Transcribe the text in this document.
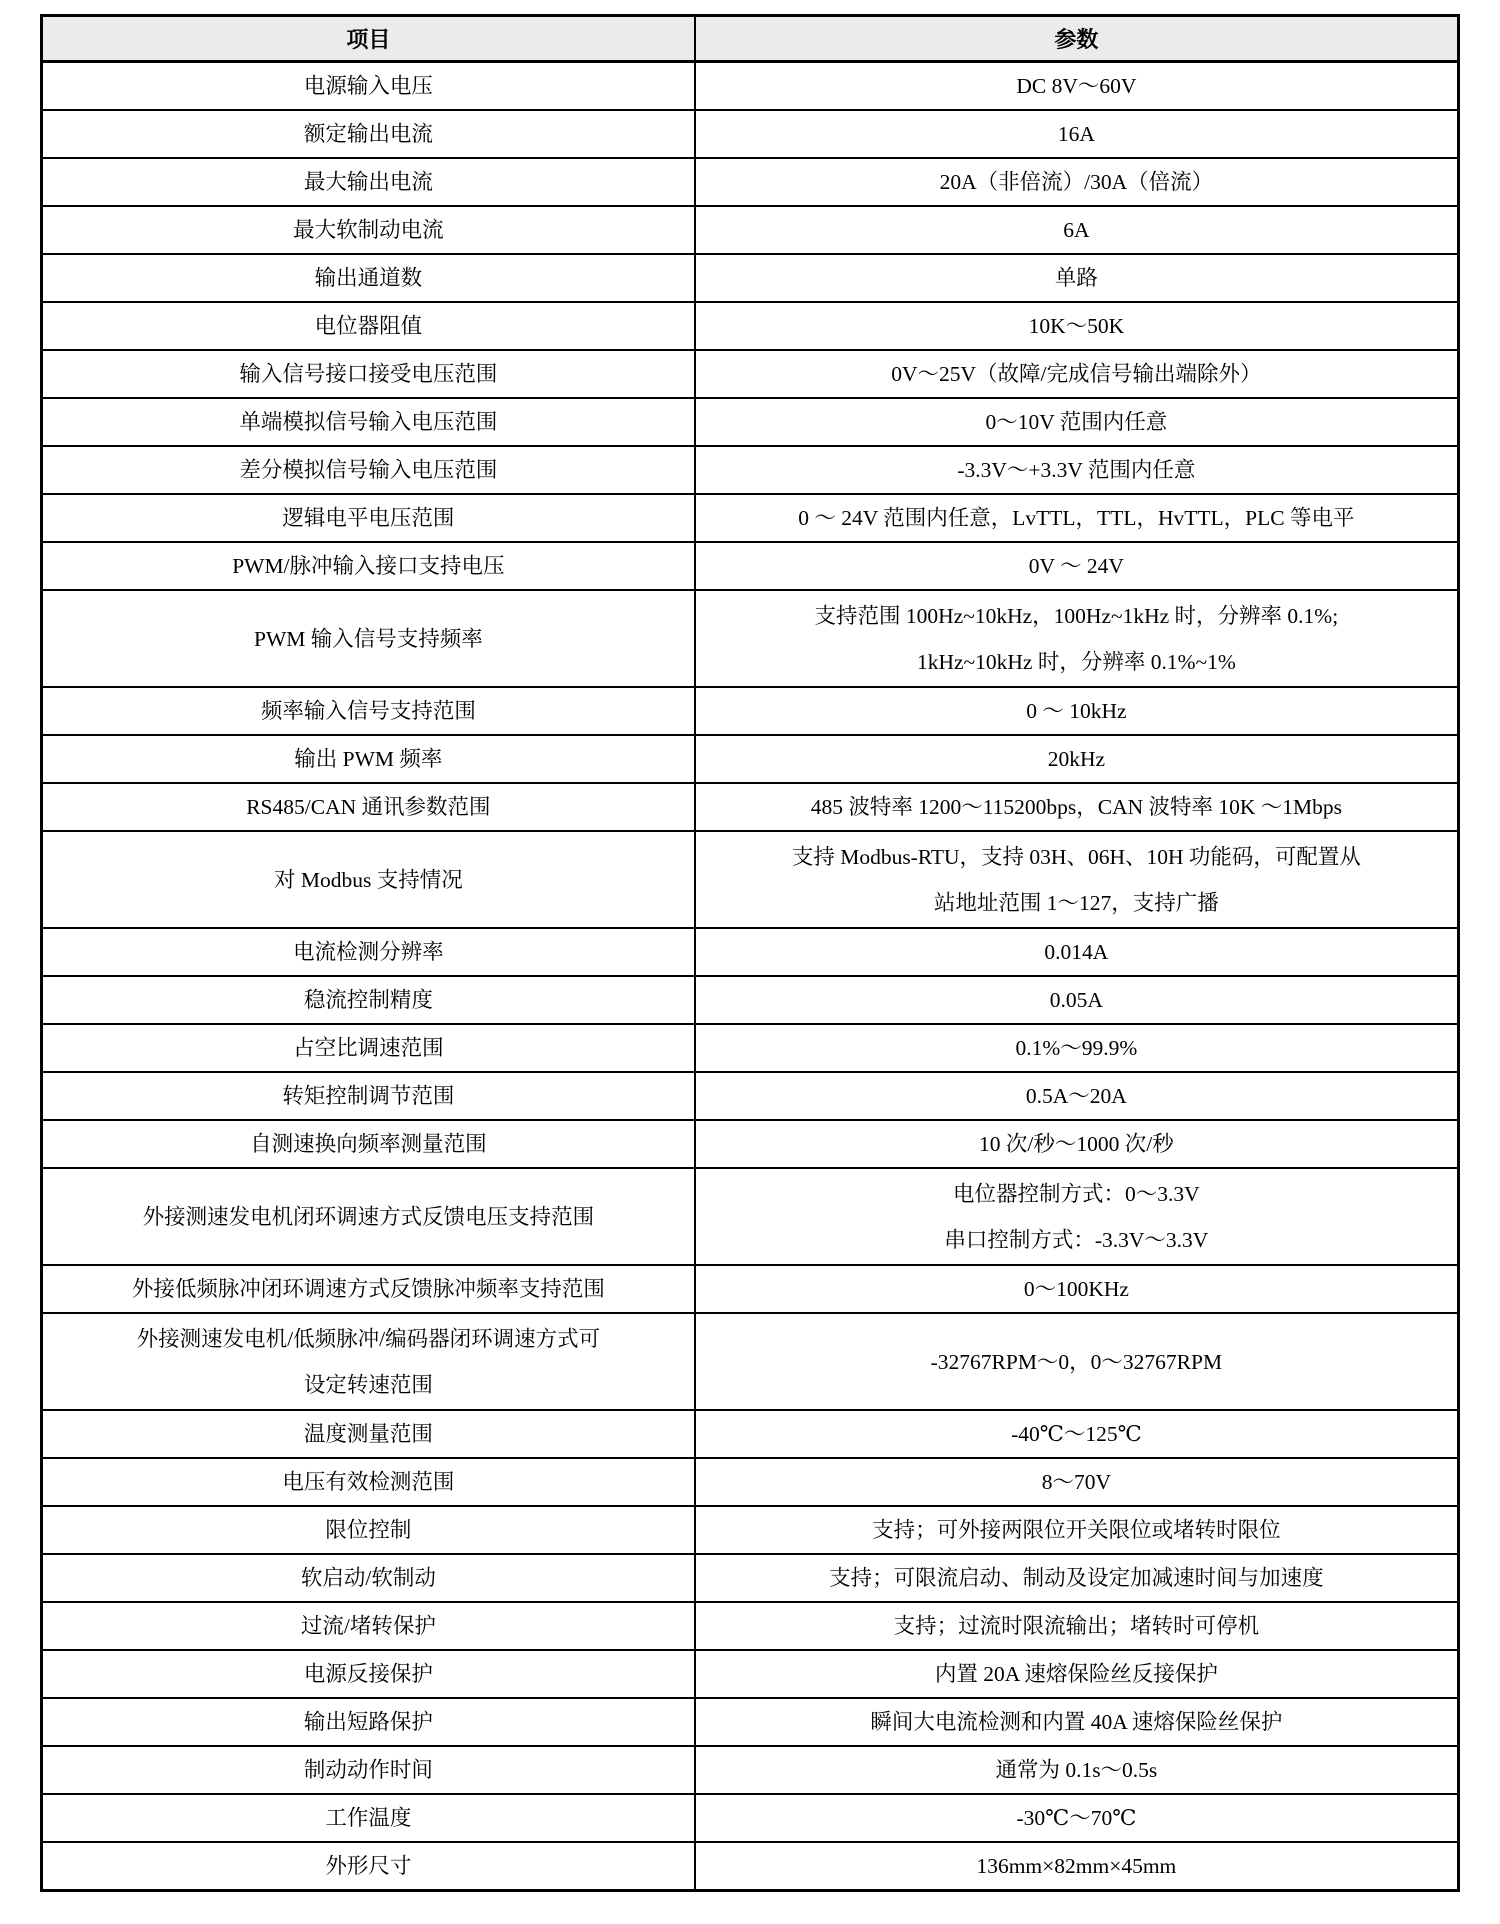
项目	参数

电源输入电压	DC 8V～60V

额定输出电流	16A

最大输出电流	20A（非倍流）/30A（倍流）

最大软制动电流	6A

输出通道数	单路

电位器阻值	10K～50K

输入信号接口接受电压范围	0V～25V（故障/完成信号输出端除外）

单端模拟信号输入电压范围	0～10V 范围内任意

差分模拟信号输入电压范围	-3.3V～+3.3V 范围内任意

逻辑电平电压范围	0 ～ 24V 范围内任意，LvTTL，TTL，HvTTL，PLC 等电平

PWM/脉冲输入接口支持电压	0V ～ 24V

PWM 输入信号支持频率	支持范围 100Hz~10kHz，100Hz~1kHz 时，分辨率 0.1%;
1kHz~10kHz 时，分辨率 0.1%~1%

频率输入信号支持范围	0 ～ 10kHz

输出 PWM 频率	20kHz

RS485/CAN 通讯参数范围	485 波特率 1200～115200bps，CAN 波特率 10K ～1Mbps

对 Modbus 支持情况	支持 Modbus-RTU，支持 03H、06H、10H 功能码，可配置从
站地址范围 1～127，支持广播

电流检测分辨率	0.014A

稳流控制精度	0.05A

占空比调速范围	0.1%～99.9%

转矩控制调节范围	0.5A～20A

自测速换向频率测量范围	10 次/秒～1000 次/秒

外接测速发电机闭环调速方式反馈电压支持范围	电位器控制方式：0～3.3V
串口控制方式：-3.3V～3.3V

外接低频脉冲闭环调速方式反馈脉冲频率支持范围	0～100KHz

外接测速发电机/低频脉冲/编码器闭环调速方式可
设定转速范围	-32767RPM～0，0～32767RPM

温度测量范围	-40℃～125℃

电压有效检测范围	8～70V

限位控制	支持；可外接两限位开关限位或堵转时限位

软启动/软制动	支持；可限流启动、制动及设定加减速时间与加速度

过流/堵转保护	支持；过流时限流输出；堵转时可停机

电源反接保护	内置 20A 速熔保险丝反接保护

输出短路保护	瞬间大电流检测和内置 40A 速熔保险丝保护

制动动作时间	通常为 0.1s～0.5s

工作温度	-30℃～70℃

外形尺寸	136mm×82mm×45mm
